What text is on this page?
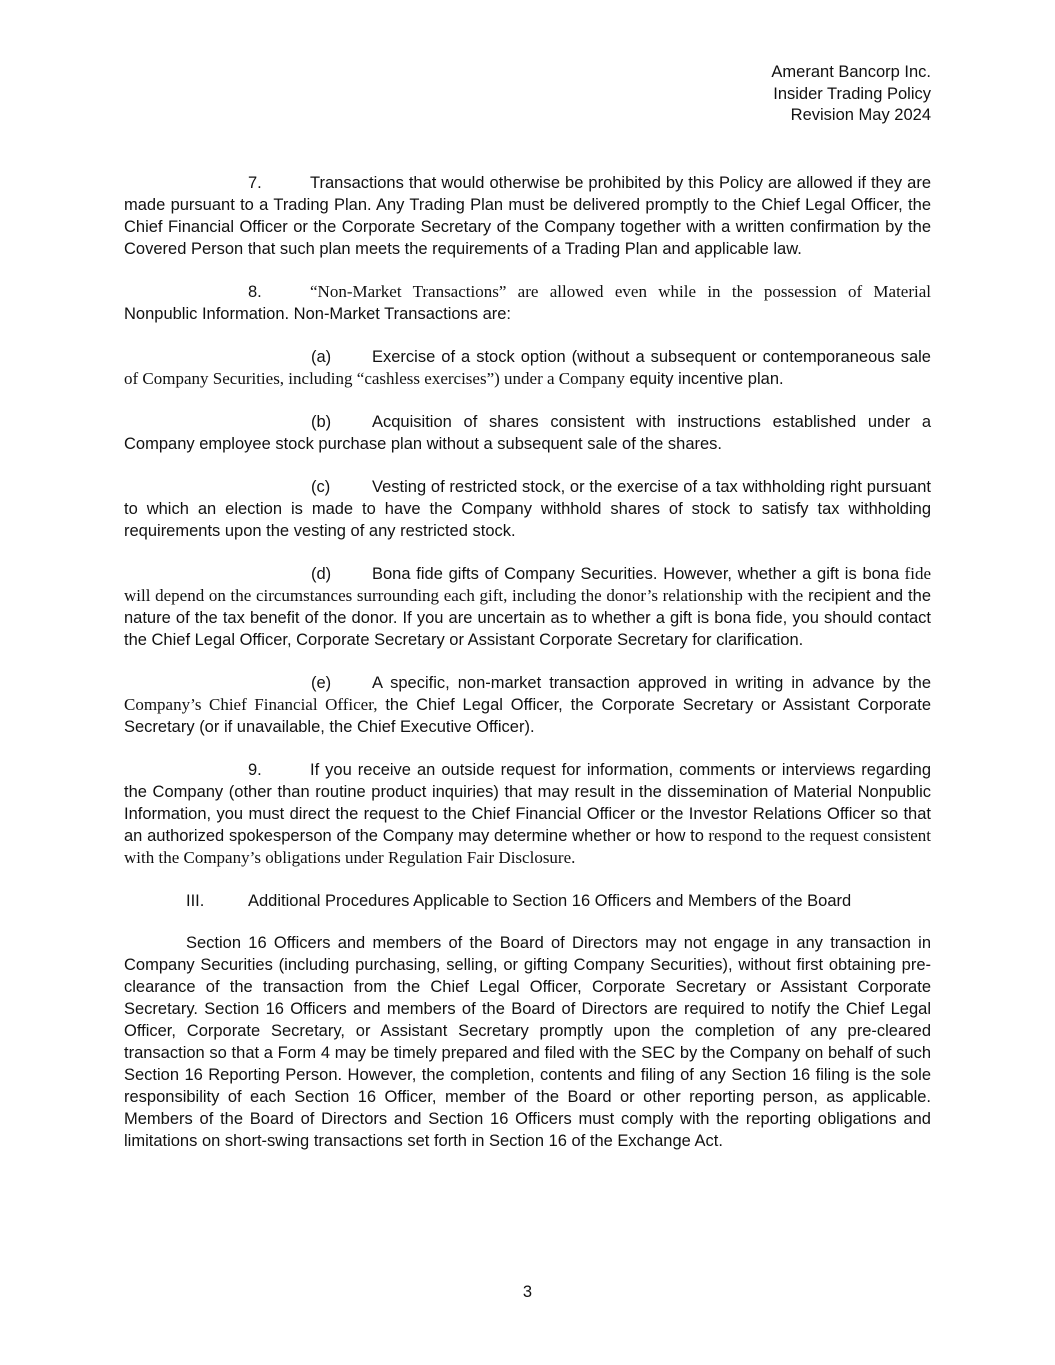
Amerant Bancorp Inc.
Insider Trading Policy
Revision May 2024

7.	Transactions that would otherwise be prohibited by this Policy are allowed if they are made pursuant to a Trading Plan. Any Trading Plan must be delivered promptly to the Chief Legal Officer, the Chief Financial Officer or the Corporate Secretary of the Company together with a written confirmation by the Covered Person that such plan meets the requirements of a Trading Plan and applicable law.

8.	“Non-Market Transactions” are allowed even while in the possession of Material Nonpublic Information. Non-Market Transactions are:

(a) Exercise of a stock option (without a subsequent or contemporaneous sale of Company Securities, including “cashless exercises”) under a Company equity incentive plan.

(b) Acquisition of shares consistent with instructions established under a Company employee stock purchase plan without a subsequent sale of the shares.

(c)	Vesting of restricted stock, or the exercise of a tax withholding right pursuant to which an election is made to have the Company withhold shares of stock to satisfy tax withholding requirements upon the vesting of any restricted stock.

(d) Bona fide gifts of Company Securities. However, whether a gift is bona fide will depend on the circumstances surrounding each gift, including the donor’s relationship with the recipient and the nature of the tax benefit of the donor. If you are uncertain as to whether a gift is bona fide, you should contact the Chief Legal Officer, Corporate Secretary or Assistant Corporate Secretary for clarification.

(e) A specific, non-market transaction approved in writing in advance by the Company’s Chief Financial Officer, the Chief Legal Officer, the Corporate Secretary or Assistant Corporate Secretary (or if unavailable, the Chief Executive Officer).

9.	If you receive an outside request for information, comments or interviews regarding the Company (other than routine product inquiries) that may result in the dissemination of Material Nonpublic Information, you must direct the request to the Chief Financial Officer or the Investor Relations Officer so that an authorized spokesperson of the Company may determine whether or how to respond to the request consistent with the Company’s obligations under Regulation Fair Disclosure.

III.	Additional Procedures Applicable to Section 16 Officers and Members of the Board

Section 16 Officers and members of the Board of Directors may not engage in any transaction in Company Securities (including purchasing, selling, or gifting Company Securities), without first obtaining pre-clearance of the transaction from the Chief Legal Officer, Corporate Secretary or Assistant Corporate Secretary. Section 16 Officers and members of the Board of Directors are required to notify the Chief Legal Officer, Corporate Secretary, or Assistant Secretary promptly upon the completion of any pre-cleared transaction so that a Form 4 may be timely prepared and filed with the SEC by the Company on behalf of such Section 16 Reporting Person. However, the completion, contents and filing of any Section 16 filing is the sole responsibility of each Section 16 Officer, member of the Board or other reporting person, as applicable. Members of the Board of Directors and Section 16 Officers must comply with the reporting obligations and limitations on short-swing transactions set forth in Section 16 of the Exchange Act.

3
